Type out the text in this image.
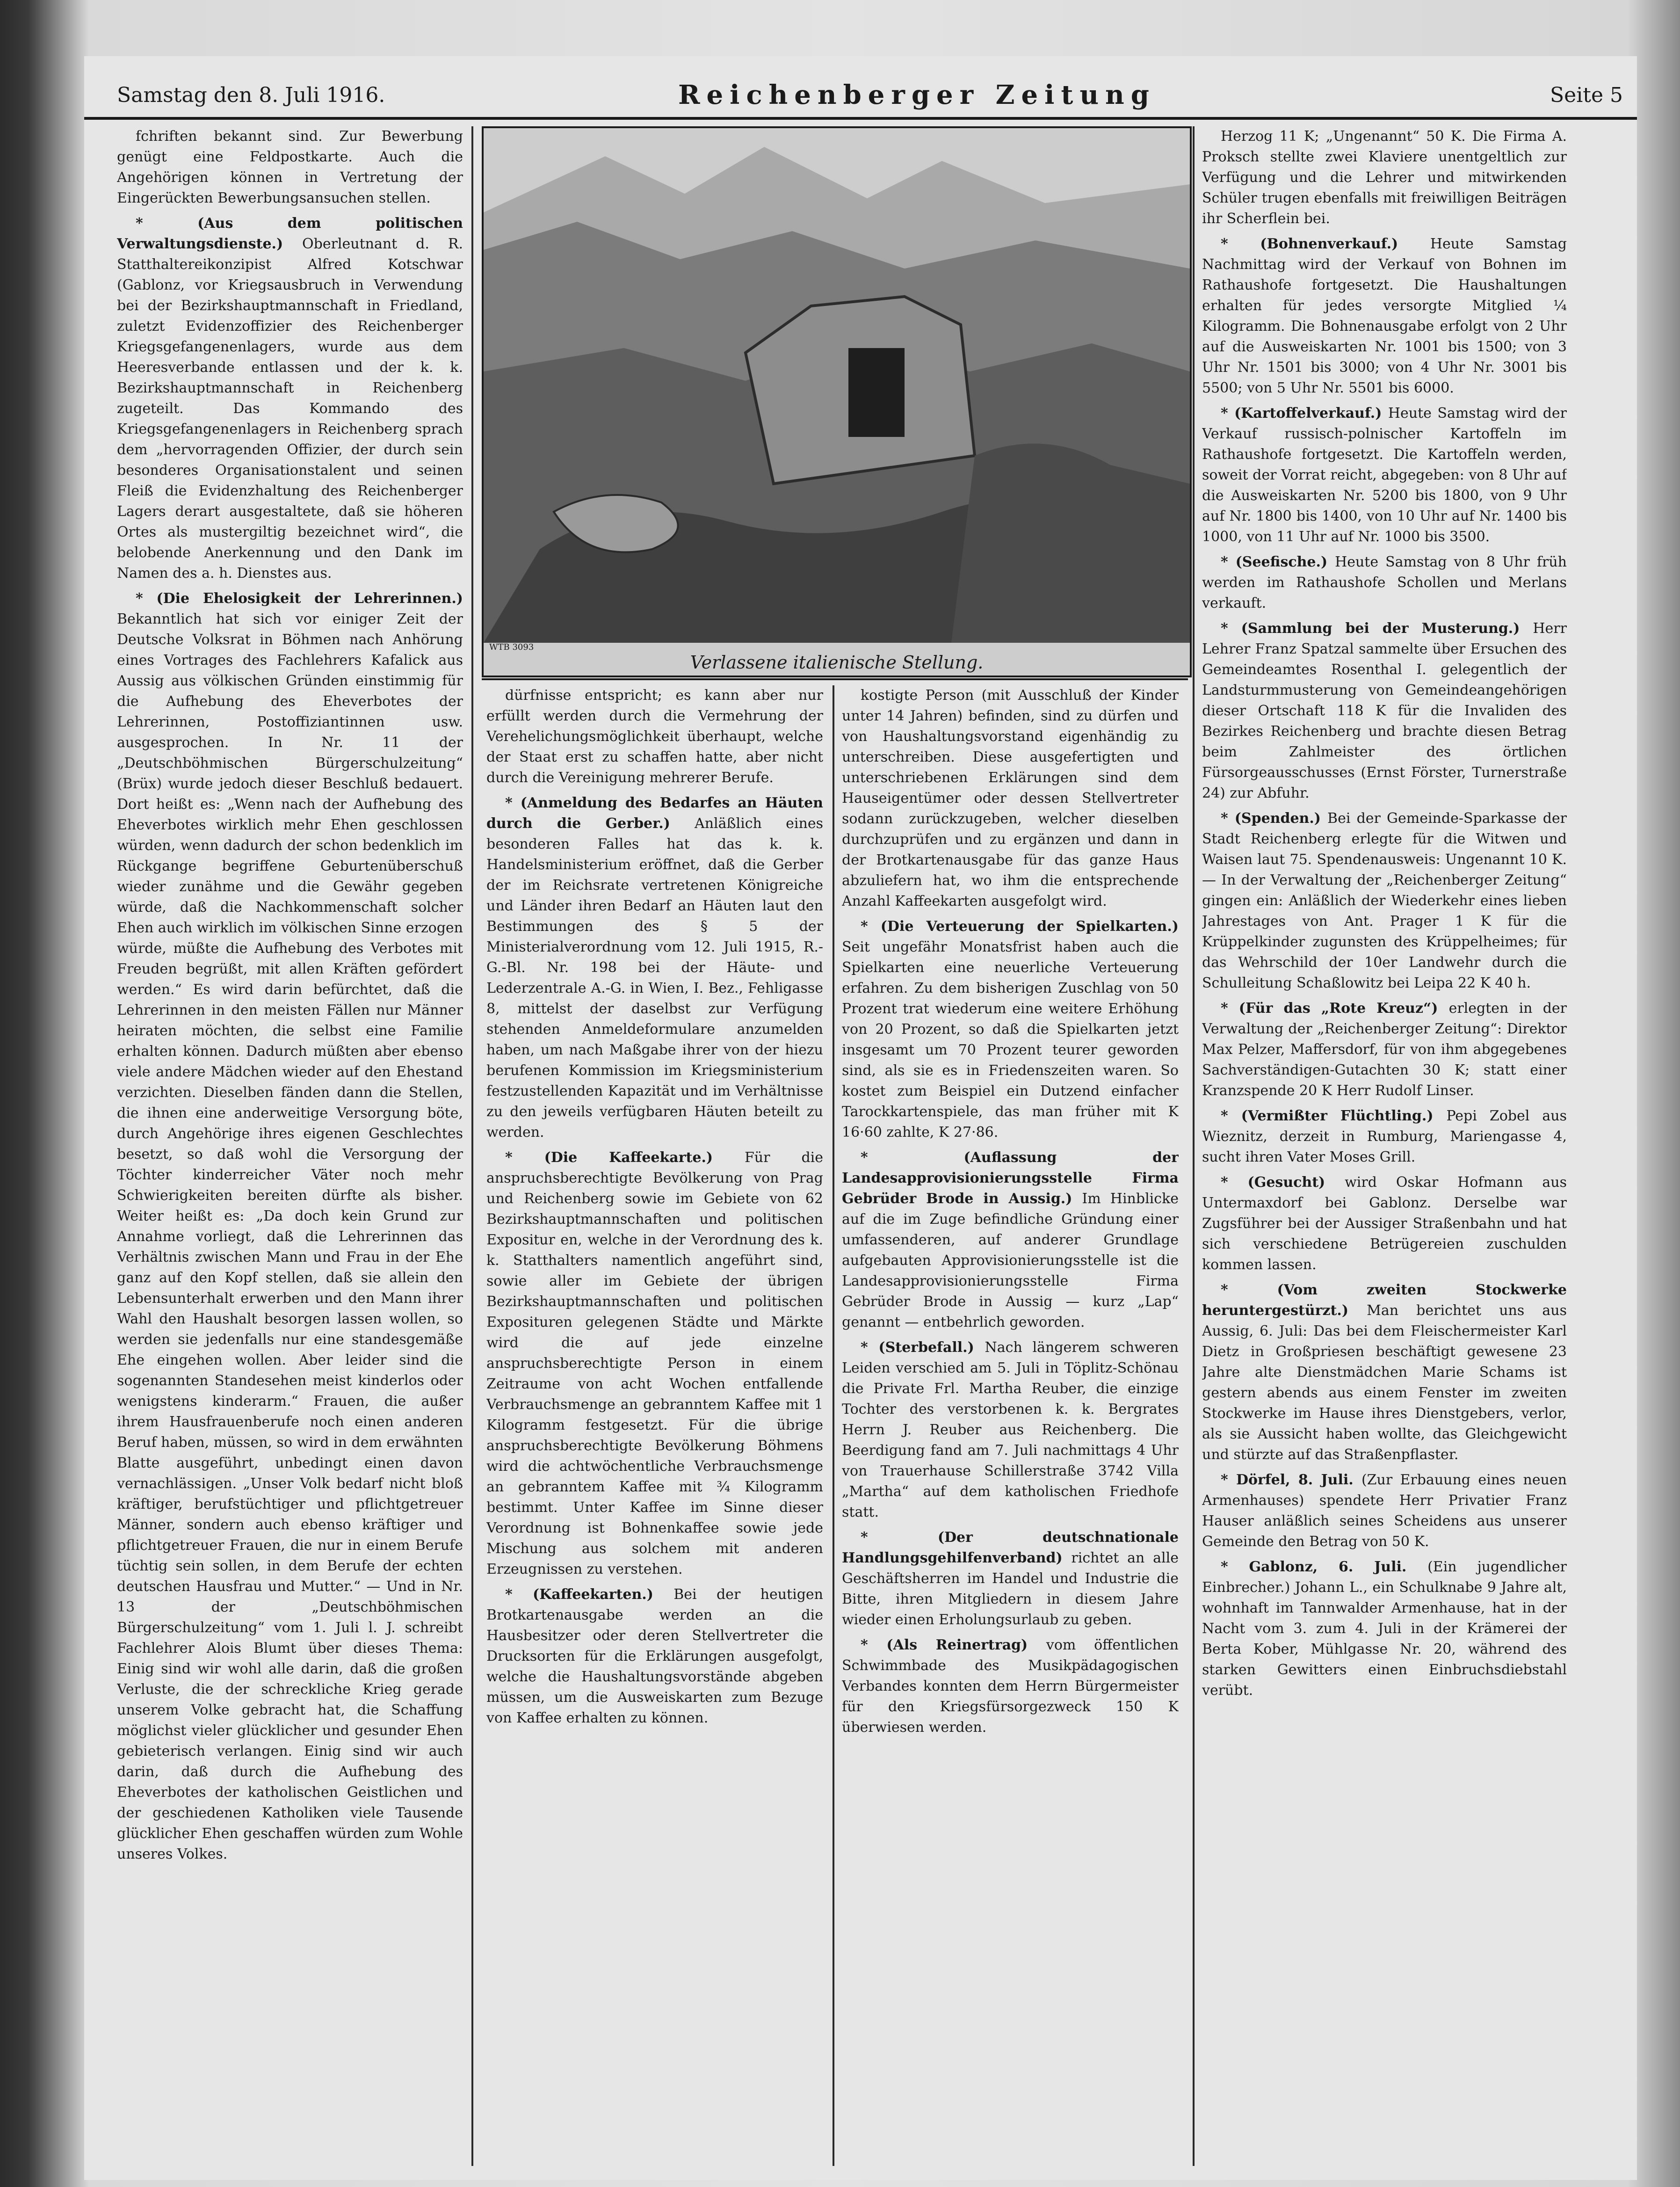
Samstag den 8. Juli 1916.	Reichenberger Zeitung	Seite 5

fchriften bekannt sind. Zur Bewerbung genügt eine Feldpostkarte. Auch die Angehörigen können in Vertretung der Eingerückten Bewerbungsansuchen stellen.

* (Aus dem politischen Verwaltungsdienste.) Oberleutnant d. R. Statthaltereikonzipist Alfred Kotschwar (Gablonz, vor Kriegsausbruch in Verwendung bei der Bezirkshauptmannschaft in Friedland, zuletzt Evidenzoffizier des Reichenberger Kriegsgefangenenlagers, wurde aus dem Heeresverbande entlassen und der k. k. Bezirkshauptmannschaft in Reichenberg zugeteilt. Das Kommando des Kriegsgefangenenlagers in Reichenberg sprach dem „hervorragenden Offizier, der durch sein besonderes Organisationstalent und seinen Fleiß die Evidenzhaltung des Reichenberger Lagers derart ausgestaltete, daß sie höheren Ortes als mustergiltig bezeichnet wird“, die belobende Anerkennung und den Dank im Namen des a. h. Dienstes aus.

* (Die Ehelosigkeit der Lehrerinnen.) Bekanntlich hat sich vor einiger Zeit der Deutsche Volksrat in Böhmen nach Anhörung eines Vortrages des Fachlehrers Kafalick aus Aussig aus völkischen Gründen einstimmig für die Aufhebung des Eheverbotes der Lehrerinnen, Postoffiziantinnen usw. ausgesprochen. In Nr. 11 der „Deutschböhmischen Bürgerschulzeitung“ (Brüx) wurde jedoch dieser Beschluß bedauert. Dort heißt es: „Wenn nach der Aufhebung des Eheverbotes wirklich mehr Ehen geschlossen würden, wenn dadurch der schon bedenklich im Rückgange begriffene Geburtenüberschuß wieder zunähme und die Gewähr gegeben würde, daß die Nachkommenschaft solcher Ehen auch wirklich im völkischen Sinne erzogen würde, müßte die Aufhebung des Verbotes mit Freuden begrüßt, mit allen Kräften gefördert werden.“ Es wird darin befürchtet, daß die Lehrerinnen in den meisten Fällen nur Männer heiraten möchten, die selbst eine Familie erhalten können. Dadurch müßten aber ebenso viele andere Mädchen wieder auf den Ehestand verzichten. Dieselben fänden dann die Stellen, die ihnen eine anderweitige Versorgung böte, durch Angehörige ihres eigenen Geschlechtes besetzt, so daß wohl die Versorgung der Töchter kinderreicher Väter noch mehr Schwierigkeiten bereiten dürfte als bisher. Weiter heißt es: „Da doch kein Grund zur Annahme vorliegt, daß die Lehrerinnen das Verhältnis zwischen Mann und Frau in der Ehe ganz auf den Kopf stellen, daß sie allein den Lebensunterhalt erwerben und den Mann ihrer Wahl den Haushalt besorgen lassen wollen, so werden sie jedenfalls nur eine standesgemäße Ehe eingehen wollen. Aber leider sind die sogenannten Standesehen meist kinderlos oder wenigstens kinderarm.“ Frauen, die außer ihrem Hausfrauenberufe noch einen anderen Beruf haben, müssen, so wird in dem erwähnten Blatte ausgeführt, unbedingt einen davon vernachlässigen. „Unser Volk bedarf nicht bloß kräftiger, berufstüchtiger und pflichtgetreuer Männer, sondern auch ebenso kräftiger und pflichtgetreuer Frauen, die nur in einem Berufe tüchtig sein sollen, in dem Berufe der echten deutschen Hausfrau und Mutter.“ — Und in Nr. 13 der „Deutschböhmischen Bürgerschulzeitung“ vom 1. Juli l. J. schreibt Fachlehrer Alois Blumt über dieses Thema: Einig sind wir wohl alle darin, daß die großen Verluste, die der schreckliche Krieg gerade unserem Volke gebracht hat, die Schaffung möglichst vieler glücklicher und gesunder Ehen gebieterisch verlangen. Einig sind wir auch darin, daß durch die Aufhebung des Eheverbotes der katholischen Geistlichen und der geschiedenen Katholiken viele Tausende glücklicher Ehen geschaffen würden zum Wohle unseres Volkes.

WTB 3093
Verlassene italienische Stellung.

dürfnisse entspricht; es kann aber nur erfüllt werden durch die Vermehrung der Verehelichungsmöglichkeit überhaupt, welche der Staat erst zu schaffen hatte, aber nicht durch die Vereinigung mehrerer Berufe.

* (Anmeldung des Bedarfes an Häuten durch die Gerber.) Anläßlich eines besonderen Falles hat das k. k. Handelsministerium eröffnet, daß die Gerber der im Reichsrate vertretenen Königreiche und Länder ihren Bedarf an Häuten laut den Bestimmungen des § 5 der Ministerialverordnung vom 12. Juli 1915, R.-G.-Bl. Nr. 198 bei der Häute- und Lederzentrale A.-G. in Wien, I. Bez., Fehligasse 8, mittelst der daselbst zur Verfügung stehenden Anmeldeformulare anzumelden haben, um nach Maßgabe ihrer von der hiezu berufenen Kommission im Kriegsministerium festzustellenden Kapazität und im Verhältnisse zu den jeweils verfügbaren Häuten beteilt zu werden.

* (Die Kaffeekarte.) Für die anspruchsberechtigte Bevölkerung von Prag und Reichenberg sowie im Gebiete von 62 Bezirkshauptmannschaften und politischen Expositur en, welche in der Verordnung des k. k. Statthalters namentlich angeführt sind, sowie aller im Gebiete der übrigen Bezirkshauptmannschaften und politischen Exposituren gelegenen Städte und Märkte wird die auf jede einzelne anspruchsberechtigte Person in einem Zeitraume von acht Wochen entfallende Verbrauchsmenge an gebranntem Kaffee mit 1 Kilogramm festgesetzt. Für die übrige anspruchsberechtigte Bevölkerung Böhmens wird die achtwöchentliche Verbrauchsmenge an gebranntem Kaffee mit ¾ Kilogramm bestimmt. Unter Kaffee im Sinne dieser Verordnung ist Bohnenkaffee sowie jede Mischung aus solchem mit anderen Erzeugnissen zu verstehen.

* (Kaffeekarten.) Bei der heutigen Brotkartenausgabe werden an die Hausbesitzer oder deren Stellvertreter die Drucksorten für die Erklärungen ausgefolgt, welche die Haushaltungsvorstände abgeben müssen, um die Ausweiskarten zum Bezuge von Kaffee erhalten zu können.

kostigte Person (mit Ausschluß der Kinder unter 14 Jahren) befinden, sind zu dürfen und von Haushaltungsvorstand eigenhändig zu unterschreiben. Diese ausgefertigten und unterschriebenen Erklärungen sind dem Hauseigentümer oder dessen Stellvertreter sodann zurückzugeben, welcher dieselben durchzuprüfen und zu ergänzen und dann in der Brotkartenausgabe für das ganze Haus abzuliefern hat, wo ihm die entsprechende Anzahl Kaffeekarten ausgefolgt wird.

* (Die Verteuerung der Spielkarten.) Seit ungefähr Monatsfrist haben auch die Spielkarten eine neuerliche Verteuerung erfahren. Zu dem bisherigen Zuschlag von 50 Prozent trat wiederum eine weitere Erhöhung von 20 Prozent, so daß die Spielkarten jetzt insgesamt um 70 Prozent teurer geworden sind, als sie es in Friedenszeiten waren. So kostet zum Beispiel ein Dutzend einfacher Tarockkartenspiele, das man früher mit K 16·60 zahlte, K 27·86.

* (Auflassung der Landesapprovisionierungsstelle Firma Gebrüder Brode in Aussig.) Im Hinblicke auf die im Zuge befindliche Gründung einer umfassenderen, auf anderer Grundlage aufgebauten Approvisionierungsstelle ist die Landesapprovisionierungsstelle Firma Gebrüder Brode in Aussig — kurz „Lap“ genannt — entbehrlich geworden.

* (Sterbefall.) Nach längerem schweren Leiden verschied am 5. Juli in Töplitz-Schönau die Private Frl. Martha Reuber, die einzige Tochter des verstorbenen k. k. Bergrates Herrn J. Reuber aus Reichenberg. Die Beerdigung fand am 7. Juli nachmittags 4 Uhr von Trauerhause Schillerstraße 3742 Villa „Martha“ auf dem katholischen Friedhofe statt.

* (Der deutschnationale Handlungsgehilfenverband) richtet an alle Geschäftsherren im Handel und Industrie die Bitte, ihren Mitgliedern in diesem Jahre wieder einen Erholungsurlaub zu geben.

* (Als Reinertrag) vom öffentlichen Schwimmbade des Musikpädagogischen Verbandes konnten dem Herrn Bürgermeister für den Kriegsfürsorgezweck 150 K überwiesen werden.

Herzog 11 K; „Ungenannt“ 50 K. Die Firma A. Proksch stellte zwei Klaviere unentgeltlich zur Verfügung und die Lehrer und mitwirkenden Schüler trugen ebenfalls mit freiwilligen Beiträgen ihr Scherflein bei.

* (Bohnenverkauf.) Heute Samstag Nachmittag wird der Verkauf von Bohnen im Rathaushofe fortgesetzt. Die Haushaltungen erhalten für jedes versorgte Mitglied ¼ Kilogramm. Die Bohnenausgabe erfolgt von 2 Uhr auf die Ausweiskarten Nr. 1001 bis 1500; von 3 Uhr Nr. 1501 bis 3000; von 4 Uhr Nr. 3001 bis 5500; von 5 Uhr Nr. 5501 bis 6000.

* (Kartoffelverkauf.) Heute Samstag wird der Verkauf russisch-polnischer Kartoffeln im Rathaushofe fortgesetzt. Die Kartoffeln werden, soweit der Vorrat reicht, abgegeben: von 8 Uhr auf die Ausweiskarten Nr. 5200 bis 1800, von 9 Uhr auf Nr. 1800 bis 1400, von 10 Uhr auf Nr. 1400 bis 1000, von 11 Uhr auf Nr. 1000 bis 3500.

* (Seefische.) Heute Samstag von 8 Uhr früh werden im Rathaushofe Schollen und Merlans verkauft.

* (Sammlung bei der Musterung.) Herr Lehrer Franz Spatzal sammelte über Ersuchen des Gemeindeamtes Rosenthal I. gelegentlich der Landsturmmusterung von Gemeindeangehörigen dieser Ortschaft 118 K für die Invaliden des Bezirkes Reichenberg und brachte diesen Betrag beim Zahlmeister des örtlichen Fürsorgeausschusses (Ernst Förster, Turnerstraße 24) zur Abfuhr.

* (Spenden.) Bei der Gemeinde-Sparkasse der Stadt Reichenberg erlegte für die Witwen und Waisen laut 75. Spendenausweis: Ungenannt 10 K. — In der Verwaltung der „Reichenberger Zeitung“ gingen ein: Anläßlich der Wiederkehr eines lieben Jahrestages von Ant. Prager 1 K für die Krüppelkinder zugunsten des Krüppelheimes; für das Wehrschild der 10er Landwehr durch die Schulleitung Schaßlowitz bei Leipa 22 K 40 h.

* (Für das „Rote Kreuz“) erlegten in der Verwaltung der „Reichenberger Zeitung“: Direktor Max Pelzer, Maffersdorf, für von ihm abgegebenes Sachverständigen-Gutachten 30 K; statt einer Kranzspende 20 K Herr Rudolf Linser.

* (Vermißter Flüchtling.) Pepi Zobel aus Wieznitz, derzeit in Rumburg, Mariengasse 4, sucht ihren Vater Moses Grill.

* (Gesucht) wird Oskar Hofmann aus Untermaxdorf bei Gablonz. Derselbe war Zugsführer bei der Aussiger Straßenbahn und hat sich verschiedene Betrügereien zuschulden kommen lassen.

* (Vom zweiten Stockwerke heruntergestürzt.) Man berichtet uns aus Aussig, 6. Juli: Das bei dem Fleischermeister Karl Dietz in Großpriesen beschäftigt gewesene 23 Jahre alte Dienstmädchen Marie Schams ist gestern abends aus einem Fenster im zweiten Stockwerke im Hause ihres Dienstgebers, verlor, als sie Aussicht haben wollte, das Gleichgewicht und stürzte auf das Straßenpflaster.

* Dörfel, 8. Juli. (Zur Erbauung eines neuen Armenhauses) spendete Herr Privatier Franz Hauser anläßlich seines Scheidens aus unserer Gemeinde den Betrag von 50 K.

* Gablonz, 6. Juli. (Ein jugendlicher Einbrecher.) Johann L., ein Schulknabe 9 Jahre alt, wohnhaft im Tannwalder Armenhause, hat in der Nacht vom 3. zum 4. Juli in der Krämerei der Berta Kober, Mühlgasse Nr. 20, während des starken Gewitters einen Einbruchsdiebstahl verübt.
